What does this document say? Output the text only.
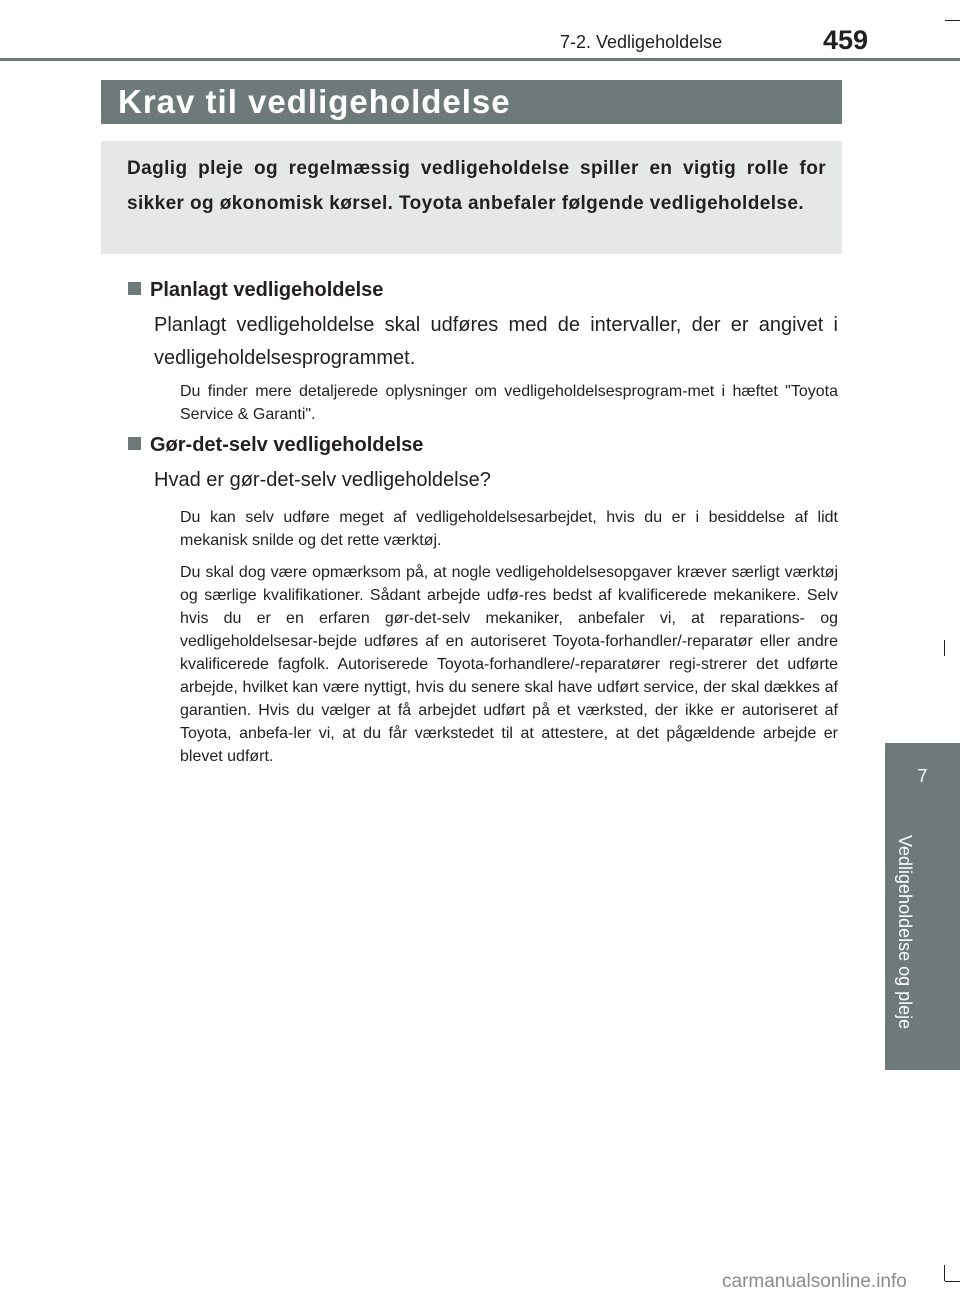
7-2. Vedligeholdelse	459
Krav til vedligeholdelse
Daglig pleje og regelmæssig vedligeholdelse spiller en vigtig rolle for sikker og økonomisk kørsel. Toyota anbefaler følgende vedligeholdelse.
Planlagt vedligeholdelse
Planlagt vedligeholdelse skal udføres med de intervaller, der er angivet i vedligeholdelsesprogrammet.
Du finder mere detaljerede oplysninger om vedligeholdelsesprogram-met i hæftet "Toyota Service & Garanti".
Gør-det-selv vedligeholdelse
Hvad er gør-det-selv vedligeholdelse?
Du kan selv udføre meget af vedligeholdelsesarbejdet, hvis du er i besiddelse af lidt mekanisk snilde og det rette værktøj.
Du skal dog være opmærksom på, at nogle vedligeholdelsesopgaver kræver særligt værktøj og særlige kvalifikationer. Sådant arbejde udfø-res bedst af kvalificerede mekanikere. Selv hvis du er en erfaren gør-det-selv mekaniker, anbefaler vi, at reparations- og vedligeholdelsesar-bejde udføres af en autoriseret Toyota-forhandler/-reparatør eller andre kvalificerede fagfolk. Autoriserede Toyota-forhandlere/-reparatører regi-strerer det udførte arbejde, hvilket kan være nyttigt, hvis du senere skal have udført service, der skal dækkes af garantien. Hvis du vælger at få arbejdet udført på et værksted, der ikke er autoriseret af Toyota, anbefa-ler vi, at du får værkstedet til at attestere, at det pågældende arbejde er blevet udført.
7
Vedligeholdelse og pleje
carmanualsonline.info
